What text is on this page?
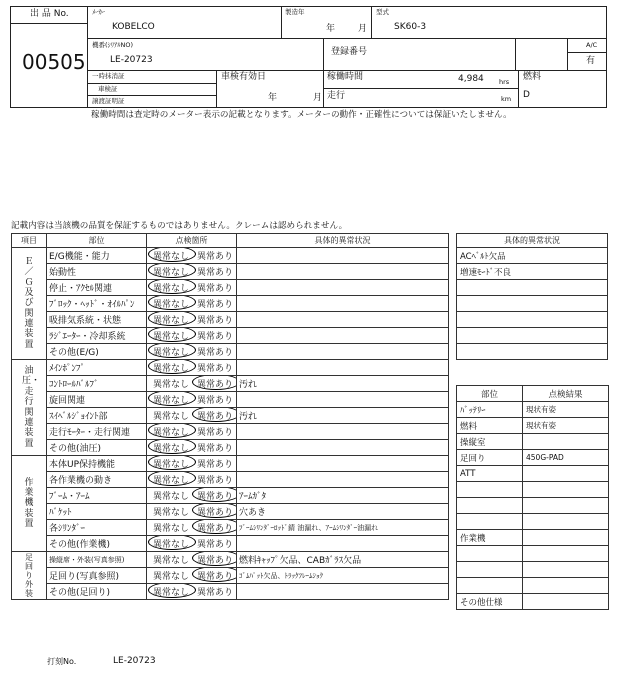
出 品 No.
00505
ﾒｰｶｰ
KOBELCO
製造年
年	月
型式
SK60-3
機番(ｼﾘｱﾙNO)
LE-20723
登録番号
A/C
有
一時抹消証
車検証
譲渡証明証
車検有効日
年	月
稼働時間	4,984 hrs
走行	km
燃料
D
稼働時間は査定時のメーター表示の記載となります。メーターの動作・正確性については保証いたしません。
記載内容は当該機の品質を保証するものではありません。クレームは認められません。
項目	部位	点検箇所	具体的異常状況
Ｅ／Ｇ及び関連装置	E/G機能・能力	異常なし 異常あり	
	始動性	異常なし 異常あり	
	停止・ｱｸｾﾙ関連	異常なし 異常あり	
	ﾌﾞﾛｯｸ・ﾍｯﾄﾞ・ｵｲﾙﾊﾟﾝ	異常なし 異常あり	
	吸排気系統・状態	異常なし 異常あり	
	ﾗｼﾞｴｰﾀｰ・冷却系統	異常なし 異常あり	
	その他(E/G)	異常なし 異常あり	
油圧・走行関連装置	ﾒｲﾝﾎﾟﾝﾌﾟ	異常なし 異常あり	
	ｺﾝﾄﾛｰﾙﾊﾞﾙﾌﾞ	異常なし 異常あり	汚れ
	旋回関連	異常なし 異常あり	
	ｽｲﾍﾞﾙｼﾞｮｲﾝﾄ部	異常なし 異常あり	汚れ
	走行ﾓｰﾀｰ・走行関連	異常なし 異常あり	
	その他(油圧)	異常なし 異常あり	
作業機装置	本体UP保持機能	異常なし 異常あり	
	各作業機の動き	異常なし 異常あり	
	ﾌﾞｰﾑ・ｱｰﾑ	異常なし 異常あり	ｱｰﾑｶﾞﾀ
	ﾊﾞｹｯﾄ	異常なし 異常あり	穴あき
	各ｼﾘﾝﾀﾞｰ	異常なし 異常あり	ﾌﾞｰﾑｼﾘﾝﾀﾞｰﾛｯﾄﾞ錆 油漏れ、ｱｰﾑｼﾘﾝﾀﾞｰ油漏れ
	その他(作業機)	異常なし 異常あり	
足回り外装	操縦席・外装(写真参照)	異常なし 異常あり	燃料ｷｬｯﾌﾟ欠品、CABｶﾞﾗｽ欠品
	足回り(写真参照)	異常なし 異常あり	ｺﾞﾑﾊﾟｯﾄ欠品、ﾄﾗｯｸﾌﾚｰﾑｼｮｸ
	その他(足回り)	異常なし 異常あり	
具体的異常状況
ACﾍﾞﾙﾄ欠品
増速ﾓｰﾄﾞ不良

部位	点検結果
ﾊﾞｯﾃﾘｰ	現状有姿
燃料	現状有姿
操縦室	
足回り	450G-PAD
ATT	

作業機	

その他仕様	
打刻No.	LE-20723
